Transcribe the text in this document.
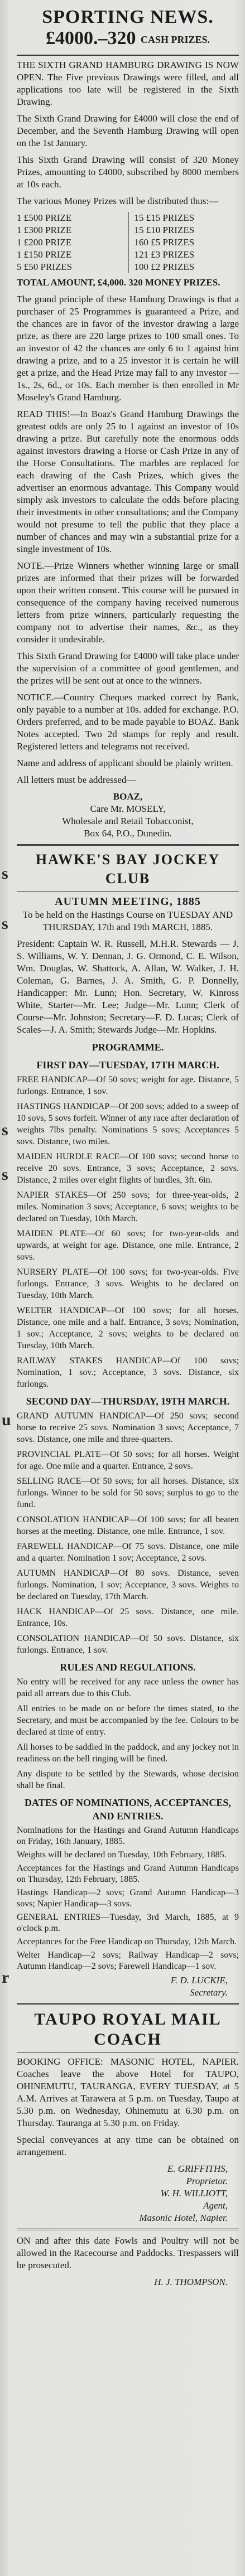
s
s
s
s
u
r
SPORTING NEWS.
£4000.–320 CASH PRIZES.

THE SIXTH GRAND HAMBURG DRAWING IS NOW OPEN. The Five previous Drawings were filled, and all applications too late will be registered in the Sixth Drawing.

The Sixth Grand Drawing for £4000 will close the end of December, and the Seventh Hamburg Drawing will open on the 1st January.

This Sixth Grand Drawing will consist of 320 Money Prizes, amounting to £4000, subscribed by 8000 members at 10s each.

The various Money Prizes will be distributed thus:—

1 £500 PRIZE
1 £300 PRIZE
1 £200 PRIZE
1 £150 PRIZE
5 £50 PRIZES
15 £15 PRIZES
15 £10 PRIZES
160 £5 PRIZES
121 £3 PRIZES
100 £2 PRIZES

TOTAL AMOUNT, £4,000. 320 MONEY PRIZES.

The grand principle of these Hamburg Drawings is that a purchaser of 25 Programmes is guaranteed a Prize, and the chances are in favor of the investor drawing a large prize, as there are 220 large prizes to 100 small ones. To an investor of 42 the chances are only 6 to 1 against him drawing a prize, and to a 25 investor it is certain he will get a prize, and the Head Prize may fall to any investor — 1s., 2s, 6d., or 10s. Each member is then enrolled in Mr Moseley's Grand Hamburg.

READ THIS!—In Boaz's Grand Hamburg Drawings the greatest odds are only 25 to 1 against an investor of 10s drawing a prize. But carefully note the enormous odds against investors drawing a Horse or Cash Prize in any of the Horse Consultations. The marbles are replaced for each drawing of the Cash Prizes, which gives the advertiser an enormous advantage. This Company would simply ask investors to calculate the odds before placing their investments in other consultations; and the Company would not presume to tell the public that they place a number of chances and may win a substantial prize for a single investment of 10s.

NOTE.—Prize Winners whether winning large or small prizes are informed that their prizes will be forwarded upon their written consent. This course will be pursued in consequence of the company having received numerous letters from prize winners, particularly requesting the company not to advertise their names, &c., as they consider it undesirable.

This Sixth Grand Drawing for £4000 will take place under the supervision of a committee of good gentlemen, and the prizes will be sent out at once to the winners.

NOTICE.—Country Cheques marked correct by Bank, only payable to a number at 10s. added for exchange. P.O. Orders preferred, and to be made payable to BOAZ. Bank Notes accepted. Two 2d stamps for reply and result. Registered letters and telegrams not received.

Name and address of applicant should be plainly written.

All letters must be addressed—

BOAZ,
Care Mr. MOSELY,
Wholesale and Retail Tobacconist,
Box 64, P.O., Dunedin.
HAWKE'S BAY JOCKEY CLUB
AUTUMN MEETING, 1885

To be held on the Hastings Course on TUESDAY AND THURSDAY, 17th and 19th MARCH, 1885.

President: Captain W. R. Russell, M.H.R. Stewards — J. S. Williams, W. Y. Dennan, J. G. Ormond, C. E. Wilson, Wm. Douglas, W. Shattock, A. Allan, W. Walker, J. H. Coleman, G. Barnes, J. A. Smith, G. P. Donnelly, Handicapper: Mr. Lunn; Hon. Secretary, W. Kinross White, Starter—Mr. Lee; Judge—Mr. Lunn; Clerk of Course—Mr. Johnston; Secretary—F. D. Lucas; Clerk of Scales—J. A. Smith; Stewards Judge—Mr. Hopkins.

PROGRAMME.
FIRST DAY—TUESDAY, 17TH MARCH.
FREE HANDICAP—Of 50 sovs; weight for age. Distance, 5 furlongs. Entrance, 1 sov.
HASTINGS HANDICAP—Of 200 sovs; added to a sweep of 10 sovs, 5 sovs forfeit. Winner of any race after declaration of weights 7lbs penalty. Nominations 5 sovs; Acceptances 5 sovs. Distance, two miles.
MAIDEN HURDLE RACE—Of 100 sovs; second horse to receive 20 sovs. Entrance, 3 sovs; Acceptance, 2 sovs. Distance, 2 miles over eight flights of hurdles, 3ft. 6in.
NAPIER STAKES—Of 250 sovs; for three-year-olds, 2 miles. Nomination 3 sovs; Acceptance, 6 sovs; weights to be declared on Tuesday, 10th March.
MAIDEN PLATE—Of 60 sovs; for two-year-olds and upwards, at weight for age. Distance, one mile. Entrance, 2 sovs.
NURSERY PLATE—Of 100 sovs; for two-year-olds. Five furlongs. Entrance, 3 sovs. Weights to be declared on Tuesday, 10th March.
WELTER HANDICAP—Of 100 sovs; for all horses. Distance, one mile and a half. Entrance, 3 sovs; Nomination, 1 sov.; Acceptance, 2 sovs; weights to be declared on Tuesday, 10th March.
RAILWAY STAKES HANDICAP—Of 100 sovs; Nomination, 1 sov.; Acceptance, 3 sovs. Distance, six furlongs.
SECOND DAY—THURSDAY, 19TH MARCH.
GRAND AUTUMN HANDICAP—Of 250 sovs; second horse to receive 25 sovs. Nomination 3 sovs; Acceptance, 7 sovs. Distance, one mile and three-quarters.
PROVINCIAL PLATE—Of 50 sovs; for all horses. Weight for age. One mile and a quarter. Entrance, 2 sovs.
SELLING RACE—Of 50 sovs; for all horses. Distance, six furlongs. Winner to be sold for 50 sovs; surplus to go to the fund.
CONSOLATION HANDICAP—Of 100 sovs; for all beaten horses at the meeting. Distance, one mile. Entrance, 1 sov.
FAREWELL HANDICAP—Of 75 sovs. Distance, one mile and a quarter. Nomination 1 sov; Acceptance, 2 sovs.
AUTUMN HANDICAP—Of 80 sovs. Distance, seven furlongs. Nomination, 1 sov; Acceptance, 3 sovs. Weights to be declared on Tuesday, 17th March.
HACK HANDICAP—Of 25 sovs. Distance, one mile. Entrance, 10s.
CONSOLATION HANDICAP—Of 50 sovs. Distance, six furlongs. Entrance, 1 sov.
RULES AND REGULATIONS.
No entry will be received for any race unless the owner has paid all arrears due to this Club.
All entries to be made on or before the times stated, to the Secretary, and must be accompanied by the fee. Colours to be declared at time of entry.
All horses to be saddled in the paddock, and any jockey not in readiness on the bell ringing will be fined.
Any dispute to be settled by the Stewards, whose decision shall be final.
DATES OF NOMINATIONS, ACCEPTANCES, AND ENTRIES.

Nominations for the Hastings and Grand Autumn Handicaps on Friday, 16th January, 1885.

Weights will be declared on Tuesday, 10th February, 1885.

Acceptances for the Hastings and Grand Autumn Handicaps on Thursday, 12th February, 1885.

Hastings Handicap—2 sovs; Grand Autumn Handicap—3 sovs; Napier Handicap—3 sovs.

GENERAL ENTRIES—Tuesday, 3rd March, 1885, at 9 o'clock p.m.

Acceptances for the Free Handicap on Thursday, 12th March.

Welter Handicap—2 sovs; Railway Handicap—2 sovs; Autumn Handicap—2 sovs; Farewell Handicap—1 sov.

F. D. LUCKIE,
Secretary.
TAUPO ROYAL MAIL COACH

BOOKING OFFICE: MASONIC HOTEL, NAPIER. Coaches leave the above Hotel for TAUPO, OHINEMUTU, TAURANGA, EVERY TUESDAY, at 5 A.M. Arrives at Tarawera at 5 p.m. on Tuesday, Taupo at 5.30 p.m. on Wednesday, Ohinemutu at 6.30 p.m. on Thursday. Tauranga at 5.30 p.m. on Friday.

Special conveyances at any time can be obtained on arrangement.

E. GRIFFITHS,
Proprietor.
W. H. WILLIOTT,
Agent,
Masonic Hotel, Napier.

ON and after this date Fowls and Poultry will not be allowed in the Racecourse and Paddocks. Trespassers will be prosecuted.

H. J. THOMPSON.
